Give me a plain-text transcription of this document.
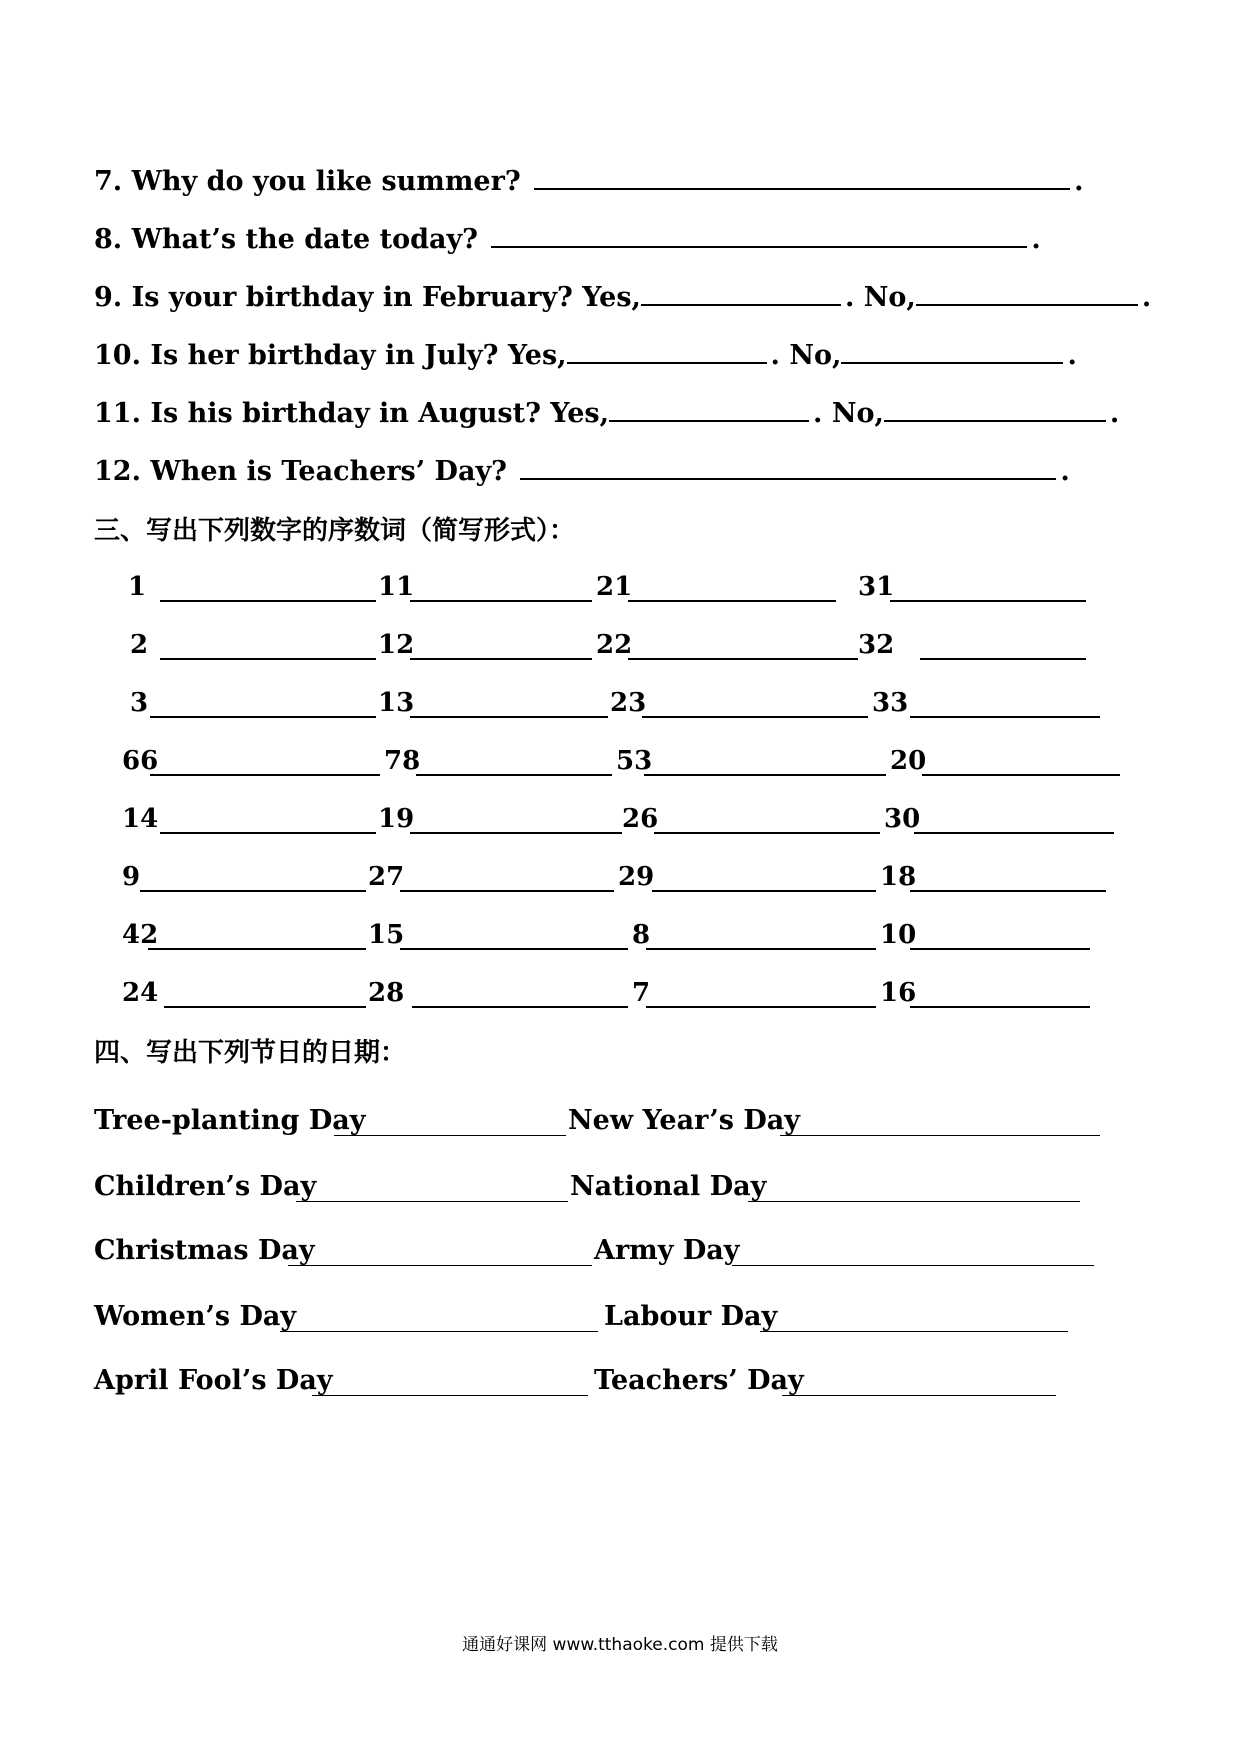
7. Why do you like summer?	.
8. What’s the date today?	.
9. Is your birthday in February? Yes,	. No,	.
10. Is her birthday in July? Yes,	. No,	.
11. Is his birthday in August? Yes,	. No,	.
12. When is Teachers’ Day?	.
三、写出下列数字的序数词（简写形式）：
1	11	21	31
2	12	22	32
3	13	23	33
66	78	53	20
14	19	26	30
9	27	29	18
42	15	8	10
24	28	7	16
四、写出下列节日的日期：
Tree-planting Day	New Year’s Day
Children’s Day	National Day
Christmas Day	Army Day
Women’s Day	Labour Day
April Fool’s Day	Teachers’ Day
通通好课网 www.tthaoke.com 提供下载
